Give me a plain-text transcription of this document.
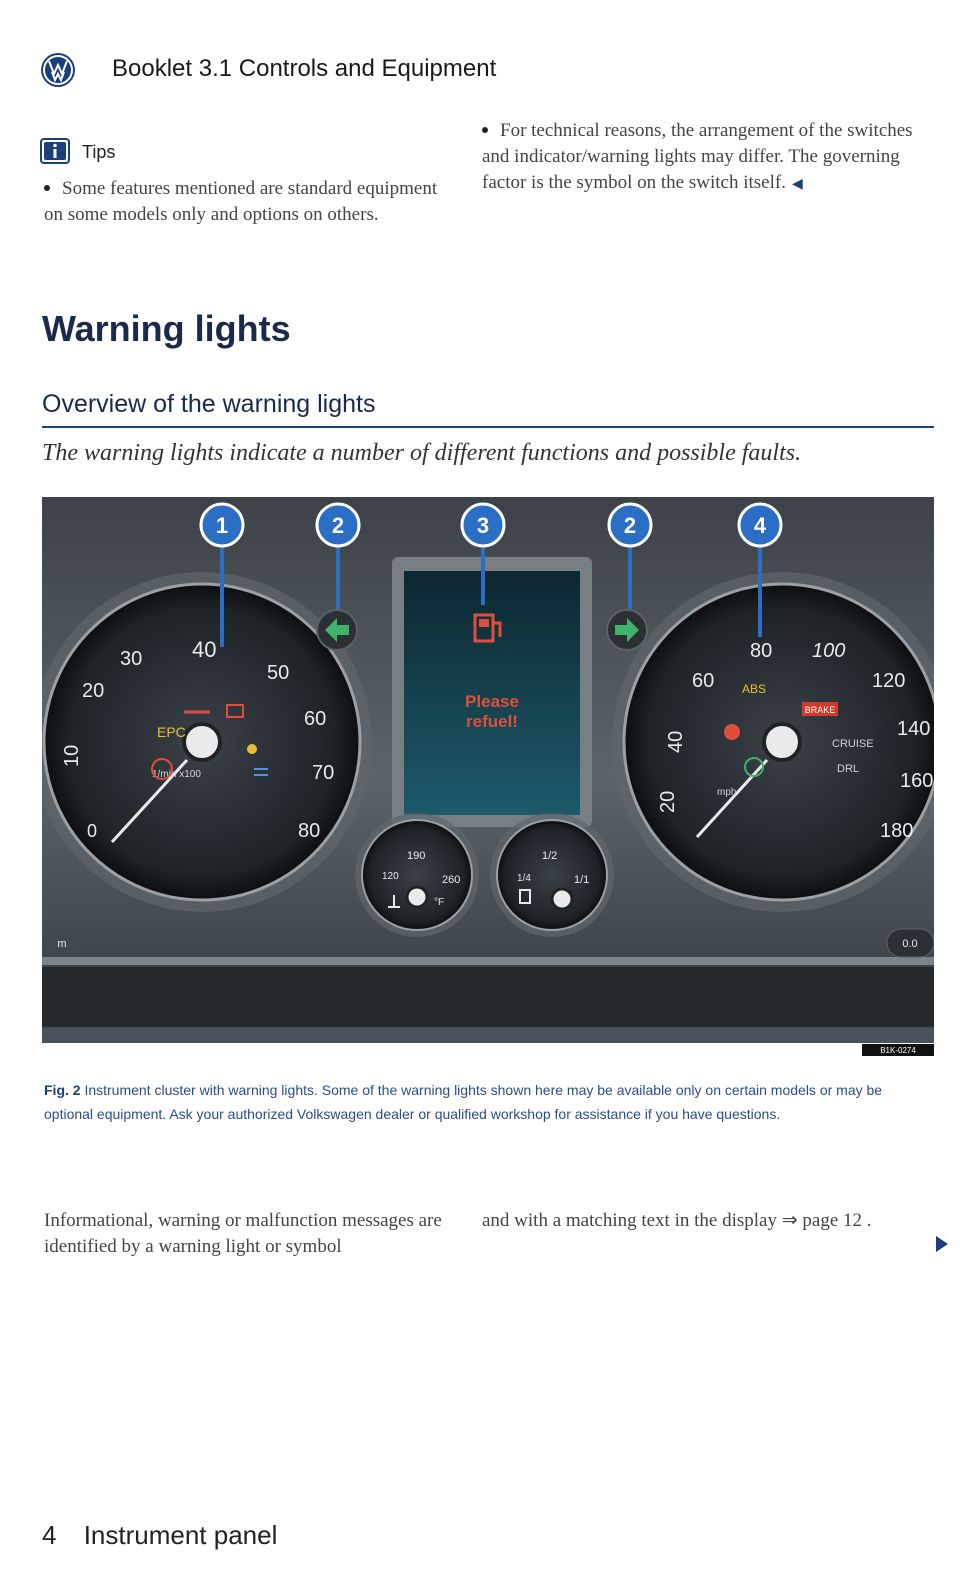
Booklet 3.1 Controls and Equipment
Tips
Some features mentioned are standard equipment on some models only and options on others.
For technical reasons, the arrangement of the switches and indicator/warning lights may differ. The governing factor is the symbol on the switch itself. ◀
Warning lights
Overview of the warning lights
The warning lights indicate a number of different functions and possible faults.
Please
refuel!
1/min x100
EPC
0
10
20
30 40
50
60
70
80
mph
ABS
BRAKE
CRUISE
DRL
40
20
60
80 100
120
140
160
180
120
190
260
°F
1/4
1/2
1/1
m	0.0
1	2	3	2	4
B1K-0274
Fig. 2 Instrument cluster with warning lights. Some of the warning lights shown here may be available only on certain models or may be optional equipment. Ask your authorized Volkswagen dealer or qualified workshop for assistance if you have questions.
Informational, warning or malfunction messages are identified by a warning light or symbol
and with a matching text in the display ⇒ page 12 .
4 Instrument panel
